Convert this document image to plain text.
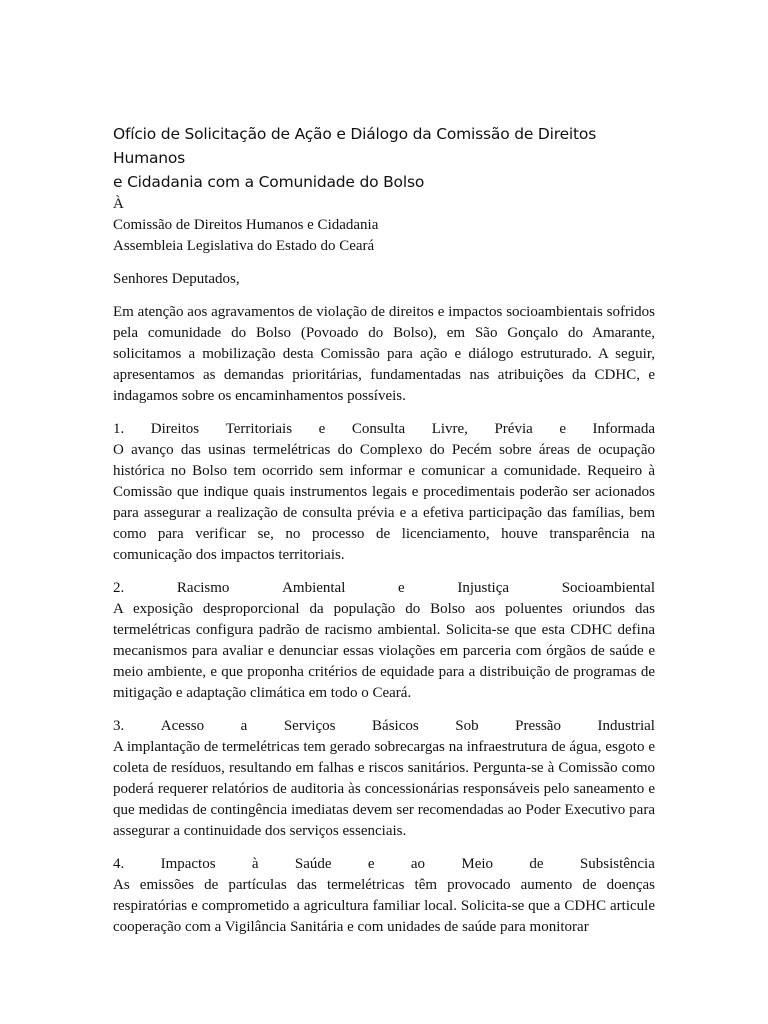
Ofício de Solicitação de Ação e Diálogo da Comissão de Direitos Humanos
e Cidadania com a Comunidade do Bolso
À
Comissão de Direitos Humanos e Cidadania
Assembleia Legislativa do Estado do Ceará

Senhores Deputados,

Em atenção aos agravamentos de violação de direitos e impactos socioambientais sofridos pela comunidade do Bolso (Povoado do Bolso), em São Gonçalo do Amarante, solicitamos a mobilização desta Comissão para ação e diálogo estruturado. A seguir, apresentamos as demandas prioritárias, fundamentadas nas atribuições da CDHC, e indagamos sobre os encaminhamentos possíveis.

1. Direitos Territoriais e Consulta Livre, Prévia e Informada

O avanço das usinas termelétricas do Complexo do Pecém sobre áreas de ocupação histórica no Bolso tem ocorrido sem informar e comunicar a comunidade. Requeiro à Comissão que indique quais instrumentos legais e procedimentais poderão ser acionados para assegurar a realização de consulta prévia e a efetiva participação das famílias, bem como para verificar se, no processo de licenciamento, houve transparência na comunicação dos impactos territoriais.

2.	Racismo	Ambiental	e	Injustiça	Socioambiental

A exposição desproporcional da população do Bolso aos poluentes oriundos das termelétricas configura padrão de racismo ambiental. Solicita-se que esta CDHC defina mecanismos para avaliar e denunciar essas violações em parceria com órgãos de saúde e meio ambiente, e que proponha critérios de equidade para a distribuição de programas de mitigação e adaptação climática em todo o Ceará.

3. Acesso a Serviços Básicos Sob Pressão Industrial

A implantação de termelétricas tem gerado sobrecargas na infraestrutura de água, esgoto e coleta de resíduos, resultando em falhas e riscos sanitários. Pergunta-se à Comissão como poderá requerer relatórios de auditoria às concessionárias responsáveis pelo saneamento e que medidas de contingência imediatas devem ser recomendadas ao Poder Executivo para assegurar a continuidade dos serviços essenciais.

4. Impactos à Saúde e ao Meio de Subsistência

As emissões de partículas das termelétricas têm provocado aumento de doenças respiratórias e comprometido a agricultura familiar local. Solicita-se que a CDHC articule cooperação com a Vigilância Sanitária e com unidades de saúde para monitorar
